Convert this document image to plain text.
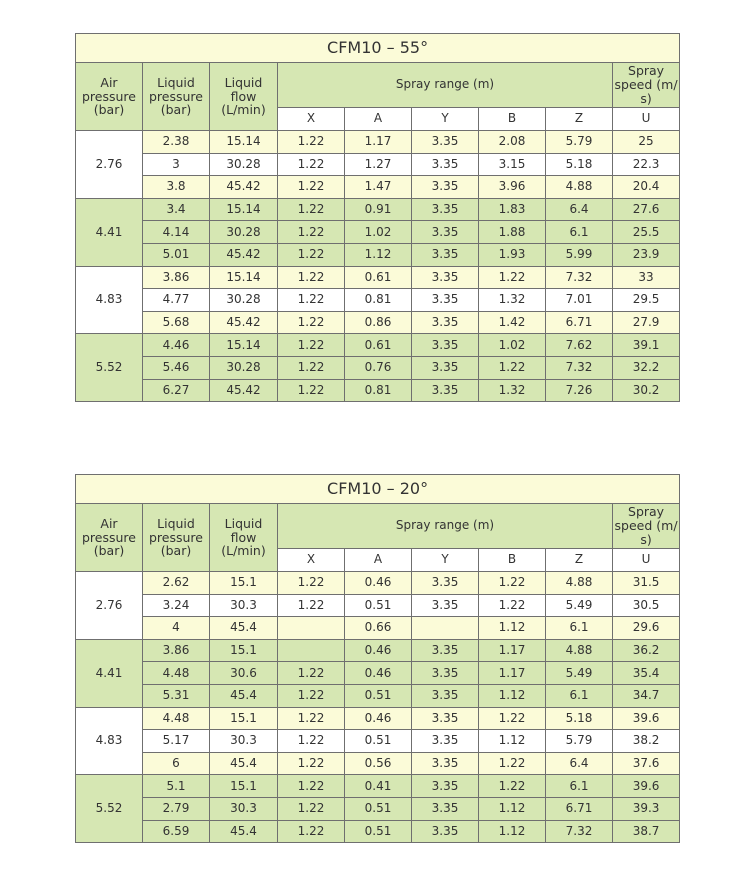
CFM10 – 55°								
Air pressure (bar)	Liquid pressure (bar)	Liquid flow (L/min)	Spray range (m)					Spray speed (m/ s)
			X	A	Y	B	Z	U
2.76	2.38	15.14	1.22	1.17	3.35	2.08	5.79	25
	3	30.28	1.22	1.27	3.35	3.15	5.18	22.3
	3.8	45.42	1.22	1.47	3.35	3.96	4.88	20.4
4.41	3.4	15.14	1.22	0.91	3.35	1.83	6.4	27.6
	4.14	30.28	1.22	1.02	3.35	1.88	6.1	25.5
	5.01	45.42	1.22	1.12	3.35	1.93	5.99	23.9
4.83	3.86	15.14	1.22	0.61	3.35	1.22	7.32	33
	4.77	30.28	1.22	0.81	3.35	1.32	7.01	29.5
	5.68	45.42	1.22	0.86	3.35	1.42	6.71	27.9
5.52	4.46	15.14	1.22	0.61	3.35	1.02	7.62	39.1
	5.46	30.28	1.22	0.76	3.35	1.22	7.32	32.2
	6.27	45.42	1.22	0.81	3.35	1.32	7.26	30.2
CFM10 – 20°								
Air pressure (bar)	Liquid pressure (bar)	Liquid flow (L/min)	Spray range (m)					Spray speed (m/ s)
			X	A	Y	B	Z	U
2.76	2.62	15.1	1.22	0.46	3.35	1.22	4.88	31.5
	3.24	30.3	1.22	0.51	3.35	1.22	5.49	30.5
	4	45.4		0.66		1.12	6.1	29.6
4.41	3.86	15.1		0.46	3.35	1.17	4.88	36.2
	4.48	30.6	1.22	0.46	3.35	1.17	5.49	35.4
	5.31	45.4	1.22	0.51	3.35	1.12	6.1	34.7
4.83	4.48	15.1	1.22	0.46	3.35	1.22	5.18	39.6
	5.17	30.3	1.22	0.51	3.35	1.12	5.79	38.2
	6	45.4	1.22	0.56	3.35	1.22	6.4	37.6
5.52	5.1	15.1	1.22	0.41	3.35	1.22	6.1	39.6
	2.79	30.3	1.22	0.51	3.35	1.12	6.71	39.3
	6.59	45.4	1.22	0.51	3.35	1.12	7.32	38.7
